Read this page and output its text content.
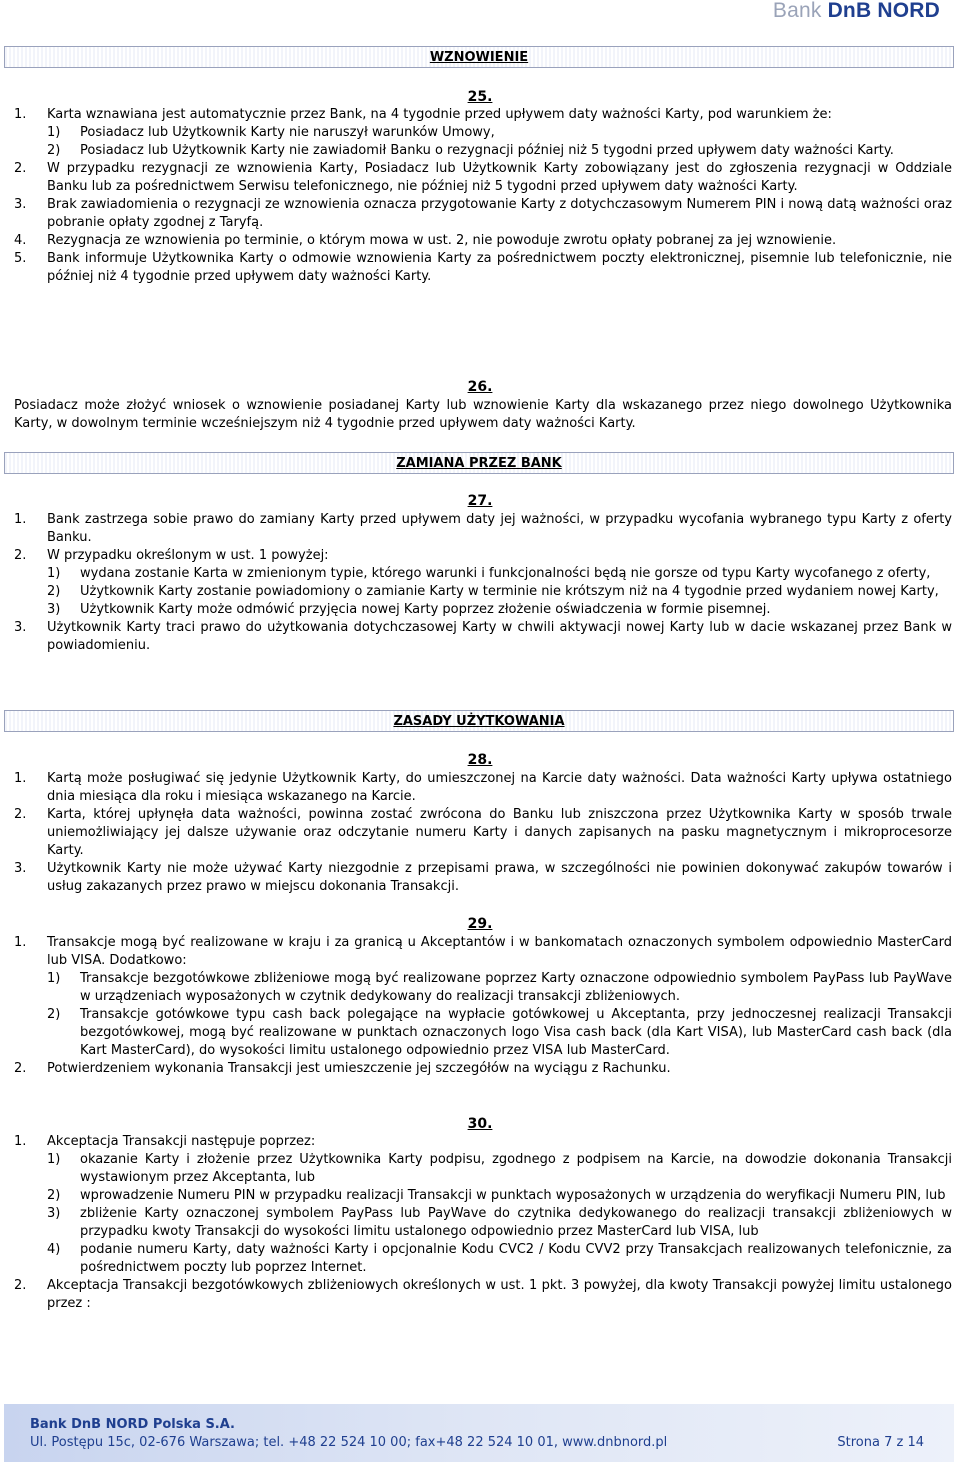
Bank DnB NORD
WZNOWIENIE
25.
1.	Karta wznawiana jest automatycznie przez Bank, na 4 tygodnie przed upływem daty ważności Karty, pod warunkiem że:
1)	Posiadacz lub Użytkownik Karty nie naruszył warunków Umowy,
2)	Posiadacz lub Użytkownik Karty nie zawiadomił Banku o rezygnacji później niż 5 tygodni przed upływem daty ważności Karty.
2.	W przypadku rezygnacji ze wznowienia Karty, Posiadacz lub Użytkownik Karty zobowiązany jest do zgłoszenia rezygnacji w Oddziale Banku lub za pośrednictwem Serwisu telefonicznego, nie później niż 5 tygodni przed upływem daty ważności Karty.
3.	Brak zawiadomienia o rezygnacji ze wznowienia oznacza przygotowanie Karty z dotychczasowym Numerem PIN i nową datą ważności oraz pobranie opłaty zgodnej z Taryfą.
4.	Rezygnacja ze wznowienia po terminie, o którym mowa w ust. 2, nie powoduje zwrotu opłaty pobranej za jej wznowienie.
5.	Bank informuje Użytkownika Karty o odmowie wznowienia Karty za pośrednictwem poczty elektronicznej, pisemnie lub telefonicznie, nie później niż 4 tygodnie przed upływem daty ważności Karty.
26.
Posiadacz może złożyć wniosek o wznowienie posiadanej Karty lub wznowienie Karty dla wskazanego przez niego dowolnego Użytkownika Karty, w dowolnym terminie wcześniejszym niż 4 tygodnie przed upływem daty ważności Karty.
ZAMIANA PRZEZ BANK
27.
1.	Bank zastrzega sobie prawo do zamiany Karty przed upływem daty jej ważności, w przypadku wycofania wybranego typu Karty z oferty Banku.
2.	W przypadku określonym w ust. 1 powyżej:
1)	wydana zostanie Karta w zmienionym typie, którego warunki i funkcjonalności będą nie gorsze od typu Karty wycofanego z oferty,
2)	Użytkownik Karty zostanie powiadomiony o zamianie Karty w terminie nie krótszym niż na 4 tygodnie przed wydaniem nowej Karty,
3)	Użytkownik Karty może odmówić przyjęcia nowej Karty poprzez złożenie oświadczenia w formie pisemnej.
3.	Użytkownik Karty traci prawo do użytkowania dotychczasowej Karty w chwili aktywacji nowej Karty lub w dacie wskazanej przez Bank w powiadomieniu.
ZASADY UŻYTKOWANIA
28.
1.	Kartą może posługiwać się jedynie Użytkownik Karty, do umieszczonej na Karcie daty ważności. Data ważności Karty upływa ostatniego dnia miesiąca dla roku i miesiąca wskazanego na Karcie.
2.	Karta, której upłynęła data ważności, powinna zostać zwrócona do Banku lub zniszczona przez Użytkownika Karty w sposób trwale uniemożliwiający jej dalsze używanie oraz odczytanie numeru Karty i danych zapisanych na pasku magnetycznym i mikroprocesorze Karty.
3.	Użytkownik Karty nie może używać Karty niezgodnie z przepisami prawa, w szczególności nie powinien dokonywać zakupów towarów i usług zakazanych przez prawo w miejscu dokonania Transakcji.
29.
1.	Transakcje mogą być realizowane w kraju i za granicą u Akceptantów i w bankomatach oznaczonych symbolem odpowiednio MasterCard lub VISA. Dodatkowo:
1)	Transakcje bezgotówkowe zbliżeniowe mogą być realizowane poprzez Karty oznaczone odpowiednio symbolem PayPass lub PayWave w urządzeniach wyposażonych w czytnik dedykowany do realizacji transakcji zbliżeniowych.
2)	Transakcje gotówkowe typu cash back polegające na wypłacie gotówkowej u Akceptanta, przy jednoczesnej realizacji Transakcji bezgotówkowej, mogą być realizowane w punktach oznaczonych logo Visa cash back (dla Kart VISA), lub MasterCard cash back (dla Kart MasterCard), do wysokości limitu ustalonego odpowiednio przez VISA lub MasterCard.
2.	Potwierdzeniem wykonania Transakcji jest umieszczenie jej szczegółów na wyciągu z Rachunku.
30.
1.	Akceptacja Transakcji następuje poprzez:
1)	okazanie Karty i złożenie przez Użytkownika Karty podpisu, zgodnego z podpisem na Karcie, na dowodzie dokonania Transakcji wystawionym przez Akceptanta, lub
2)	wprowadzenie Numeru PIN w przypadku realizacji Transakcji w punktach wyposażonych w urządzenia do weryfikacji Numeru PIN, lub
3)	zbliżenie Karty oznaczonej symbolem PayPass lub PayWave do czytnika dedykowanego do realizacji transakcji zbliżeniowych w przypadku kwoty Transakcji do wysokości limitu ustalonego odpowiednio przez MasterCard lub VISA, lub
4)	podanie numeru Karty, daty ważności Karty i opcjonalnie Kodu CVC2 / Kodu CVV2 przy Transakcjach realizowanych telefonicznie, za pośrednictwem poczty lub poprzez Internet.
2.	Akceptacja Transakcji bezgotówkowych zbliżeniowych określonych w ust. 1 pkt. 3 powyżej, dla kwoty Transakcji powyżej limitu ustalonego przez :
Bank DnB NORD Polska S.A.
Ul. Postępu 15c, 02-676 Warszawa; tel. +48 22 524 10 00; fax+48 22 524 10 01, www.dnbnord.pl	Strona 7 z 14
